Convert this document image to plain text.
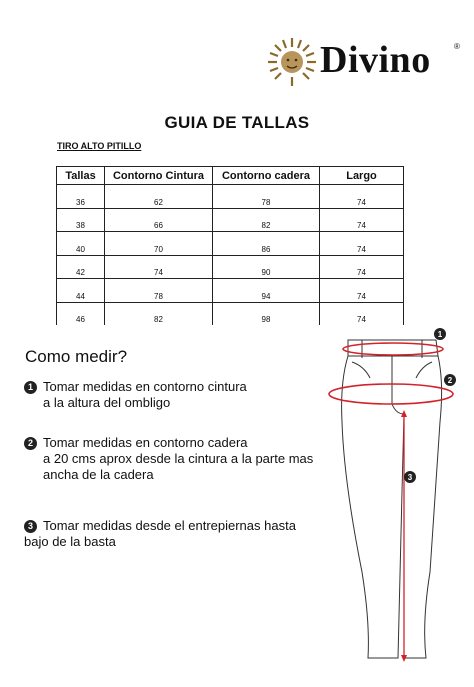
Divino	®
GUIA DE TALLAS
TIRO ALTO PITILLO
Tallas	Contorno Cintura	Contorno cadera	Largo
36	62	78	74
38	66	82	74
40	70	86	74
42	74	90	74
44	78	94	74
46	82	98	74
Como medir?
1 Tomar medidas en contorno cintura
a la altura del ombligo
2 Tomar medidas en contorno cadera
a 20 cms aprox desde la cintura a la parte mas
ancha de la cadera
3 Tomar medidas desde el entrepiernas hasta
bajo de la basta
1
2
3
